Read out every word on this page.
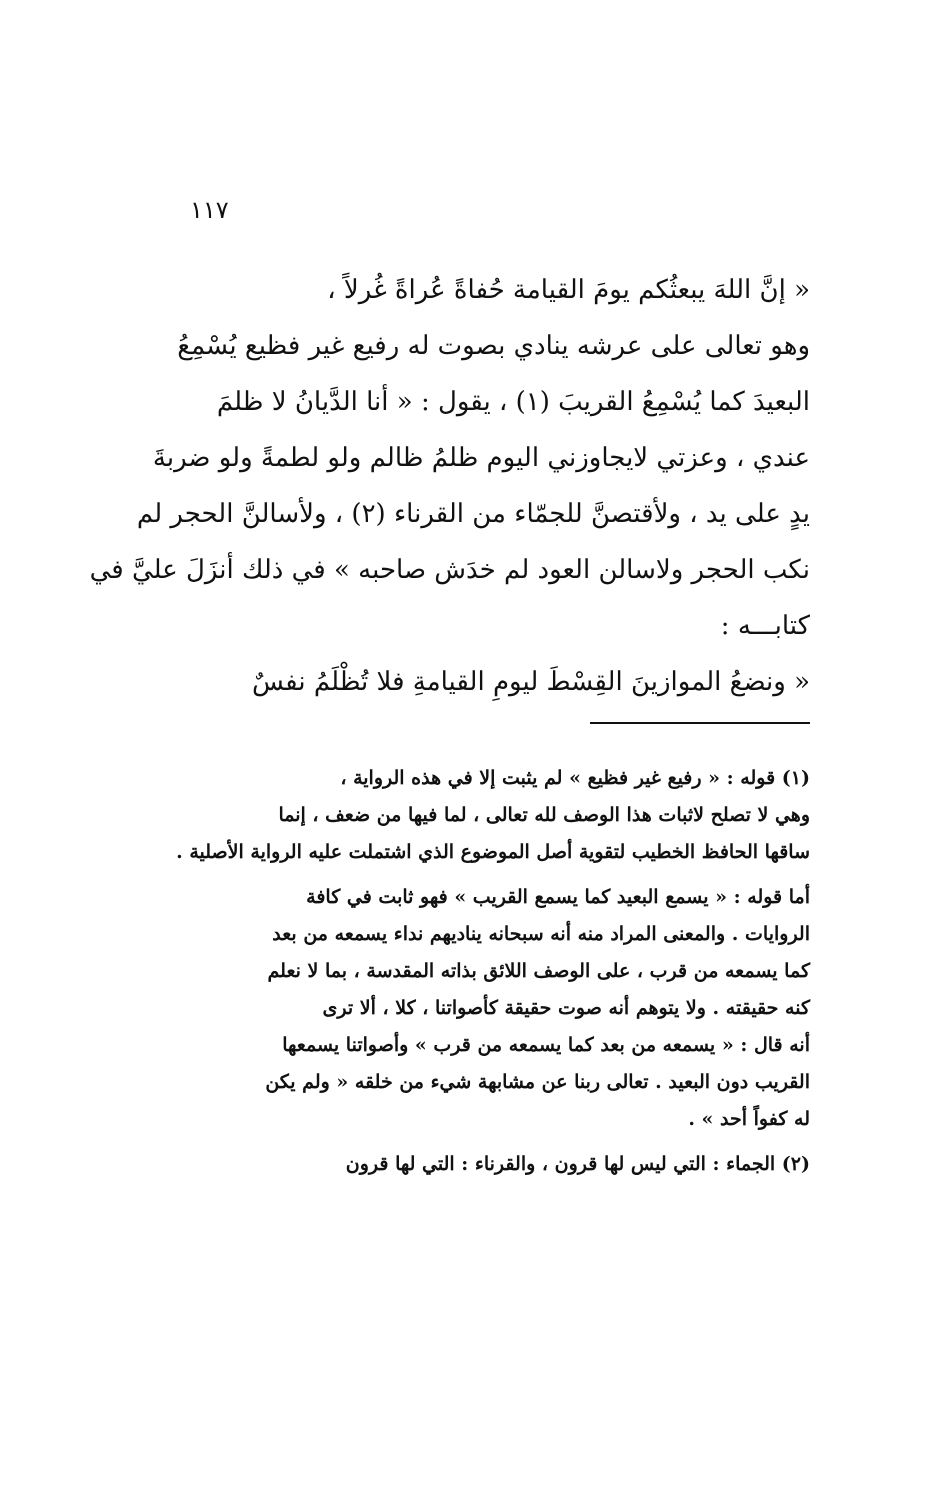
١١٧
« إنَّ اللهَ يبعثُكم يومَ القيامة حُفاةً عُراةً غُرلاً ،
وهو تعالى على عرشه ينادي بصوت له رفيع غير فظيع يُسْمِعُ
البعيدَ كما يُسْمِعُ القريبَ (١) ، يقول : « أنا الدَّيانُ لا ظلمَ
عندي ، وعزتي لايجاوزني اليوم ظلمُ ظالم ولو لطمةً ولو ضربةَ
يدٍ على يد ، ولأقتصنَّ للجمّاء من القرناء (٢) ، ولأسالنَّ الحجر لم
نكب الحجر ولاسالن العود لم خدَش صاحبه » في ذلك أنزَلَ عليَّ في
كتابـــه :
« ونضعُ الموازينَ القِسْطَ ليومِ القيامةِ فلا تُظْلَمُ نفسٌ
(١) قوله : « رفيع غير فظيع » لم يثبت إلا في هذه الرواية ،
وهي لا تصلح لاثبات هذا الوصف لله تعالى ، لما فيها من ضعف ، إنما
ساقها الحافظ الخطيب لتقوية أصل الموضوع الذي اشتملت عليه الرواية الأصلية .
أما قوله : « يسمع البعيد كما يسمع القريب » فهو ثابت في كافة
الروايات . والمعنى المراد منه أنه سبحانه يناديهم نداء يسمعه من بعد
كما يسمعه من قرب ، على الوصف اللائق بذاته المقدسة ، بما لا نعلم
كنه حقيقته . ولا يتوهم أنه صوت حقيقة كأصواتنا ، كلا ، ألا ترى
أنه قال : « يسمعه من بعد كما يسمعه من قرب » وأصواتنا يسمعها
القريب دون البعيد . تعالى ربنا عن مشابهة شيء من خلقه « ولم يكن
له كفواً أحد » .
(٢) الجماء : التي ليس لها قرون ، والقرناء : التي لها قرون
